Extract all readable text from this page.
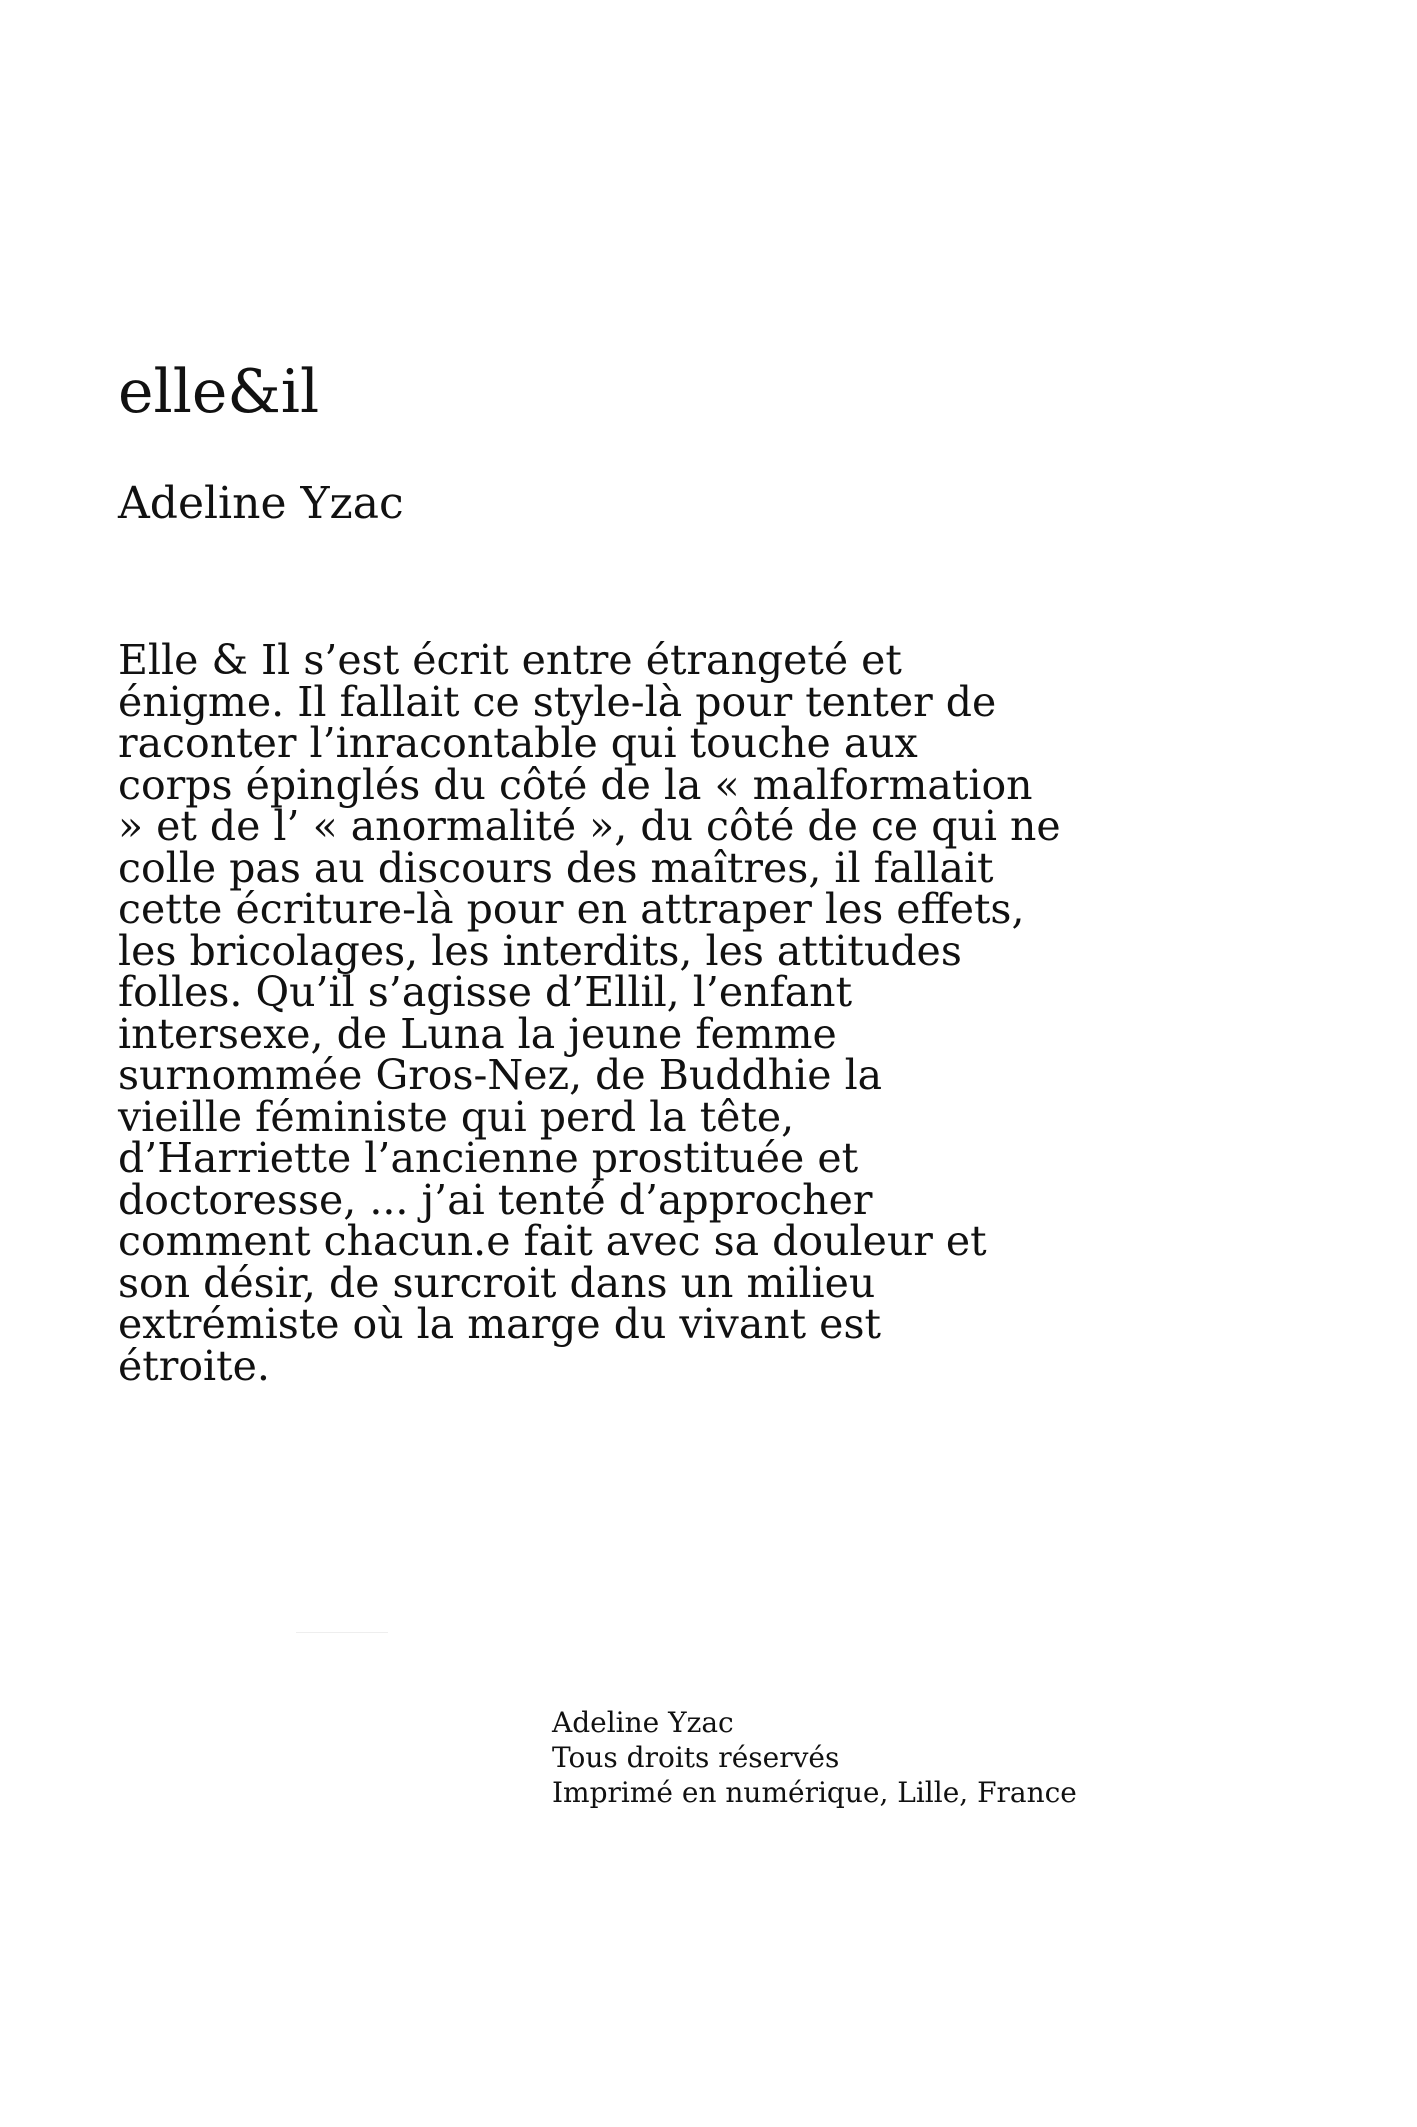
elle&il

Adeline Yzac

Elle & Il s’est écrit entre étrangeté et
énigme. Il fallait ce style-là pour tenter de
raconter l’inracontable qui touche aux
corps épinglés du côté de la « malformation
» et de l’ « anormalité », du côté de ce qui ne
colle pas au discours des maîtres, il fallait
cette écriture-là pour en attraper les effets,
les bricolages, les interdits, les attitudes
folles. Qu’il s’agisse d’Ellil, l’enfant
intersexe, de Luna la jeune femme
surnommée Gros-Nez, de Buddhie la
vieille féministe qui perd la tête,
d’Harriette l’ancienne prostituée et
doctoresse, ... j’ai tenté d’approcher
comment chacun.e fait avec sa douleur et
son désir, de surcroit dans un milieu
extrémiste où la marge du vivant est
étroite.
Adeline Yzac
Tous droits réservés
Imprimé en numérique, Lille, France
